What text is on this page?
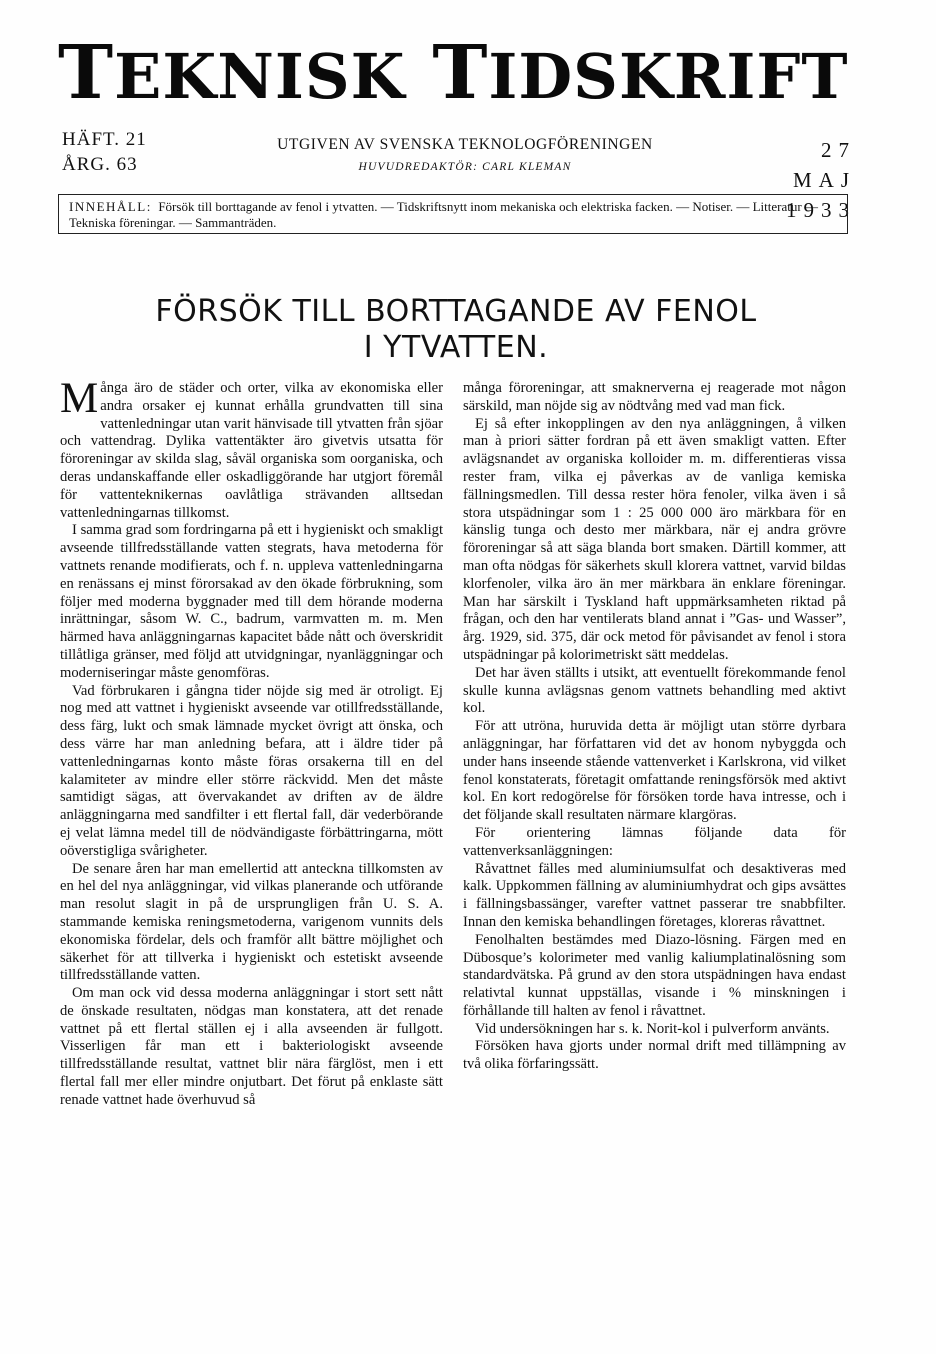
TEKNISK TIDSKRIFT
HÄFT. 21
ÅRG. 63
UTGIVEN AV SVENSKA TEKNOLOGFÖRENINGEN
HUVUDREDAKTÖR: CARL KLEMAN
27 MAJ
1933
INNEHÅLL: Försök till borttagande av fenol i ytvatten. — Tidskriftsnytt inom mekaniska och elektriska facken. — Notiser. — Litteratur — Tekniska föreningar. — Sammanträden.
FÖRSÖK TILL BORTTAGANDE AV FENOL
I YTVATTEN.

Många äro de städer och orter, vilka av ekonomiska eller andra orsaker ej kunnat erhålla grundvatten till sina vattenledningar utan varit hänvisade till ytvatten från sjöar och vattendrag. Dylika vattentäkter äro givetvis utsatta för föroreningar av skilda slag, såväl organiska som oorganiska, och deras undanskaffande eller oskadliggörande har utgjort föremål för vattenteknikernas oavlåtliga strävanden alltsedan vattenledningarnas tillkomst.

I samma grad som fordringarna på ett i hygieniskt och smakligt avseende tillfredsställande vatten stegrats, hava metoderna för vattnets renande modifierats, och f. n. uppleva vattenledningarna en renässans ej minst förorsakad av den ökade förbrukning, som följer med moderna byggnader med till dem hörande moderna inrättningar, såsom W. C., badrum, varmvatten m. m. Men härmed hava anläggningarnas kapacitet både nått och överskridit tillåtliga gränser, med följd att utvidgningar, nyanläggningar och moderniseringar måste genomföras.

Vad förbrukaren i gångna tider nöjde sig med är otroligt. Ej nog med att vattnet i hygieniskt avseende var otillfredsställande, dess färg, lukt och smak lämnade mycket övrigt att önska, och dess värre har man anledning befara, att i äldre tider på vattenledningarnas konto måste föras orsakerna till en del kalamiteter av mindre eller större räckvidd. Men det måste samtidigt sägas, att övervakandet av driften av de äldre anläggningarna med sandfilter i ett flertal fall, där vederbörande ej velat lämna medel till de nödvändigaste förbättringarna, mött oöverstigliga svårigheter.

De senare åren har man emellertid att anteckna tillkomsten av en hel del nya anläggningar, vid vilkas planerande och utförande man resolut slagit in på de ursprungligen från U. S. A. stammande kemiska reningsmetoderna, varigenom vunnits dels ekonomiska fördelar, dels och framför allt bättre möjlighet och säkerhet för att tillverka i hygieniskt och estetiskt avseende tillfredsställande vatten.

Om man ock vid dessa moderna anläggningar i stort sett nått de önskade resultaten, nödgas man konstatera, att det renade vattnet på ett flertal ställen ej i alla avseenden är fullgott. Visserligen får man ett i bakteriologiskt avseende tillfredsställande resultat, vattnet blir nära färglöst, men i ett flertal fall mer eller mindre onjutbart. Det förut på enklaste sätt renade vattnet hade överhuvud så

många föroreningar, att smaknerverna ej reagerade mot någon särskild, man nöjde sig av nödtvång med vad man fick.

Ej så efter inkopplingen av den nya anläggningen, å vilken man à priori sätter fordran på ett även smakligt vatten. Efter avlägsnandet av organiska kolloider m. m. differentieras vissa rester fram, vilka ej påverkas av de vanliga kemiska fällningsmedlen. Till dessa rester höra fenoler, vilka även i så stora utspädningar som 1 : 25 000 000 äro märkbara för en känslig tunga och desto mer märkbara, när ej andra grövre föroreningar så att säga blanda bort smaken. Därtill kommer, att man ofta nödgas för säkerhets skull klorera vattnet, varvid bildas klorfenoler, vilka äro än mer märkbara än enklare föreningar. Man har särskilt i Tyskland haft uppmärksamheten riktad på frågan, och den har ventilerats bland annat i ”Gas- und Wasser”, årg. 1929, sid. 375, där ock metod för påvisandet av fenol i stora utspädningar på kolorimetriskt sätt meddelas.

Det har även ställts i utsikt, att eventuellt förekommande fenol skulle kunna avlägsnas genom vattnets behandling med aktivt kol.

För att utröna, huruvida detta är möjligt utan större dyrbara anläggningar, har författaren vid det av honom nybyggda och under hans inseende stående vattenverket i Karlskrona, vid vilket fenol konstaterats, företagit omfattande reningsförsök med aktivt kol. En kort redogörelse för försöken torde hava intresse, och i det följande skall resultaten närmare klargöras.

För orientering lämnas följande data för vattenverksanläggningen:

Råvattnet fälles med aluminiumsulfat och desaktiveras med kalk. Uppkommen fällning av aluminiumhydrat och gips avsättes i fällningsbassänger, varefter vattnet passerar tre snabbfilter. Innan den kemiska behandlingen företages, kloreras råvattnet.

Fenolhalten bestämdes med Diazo-lösning. Färgen med en Dübosque’s kolorimeter med vanlig kaliumplatinalösning som standardvätska. På grund av den stora utspädningen hava endast relativtal kunnat uppställas, visande i % minskningen i förhållande till halten av fenol i råvattnet.

Vid undersökningen har s. k. Norit-kol i pulverform använts.

Försöken hava gjorts under normal drift med tillämpning av två olika förfaringssätt.
